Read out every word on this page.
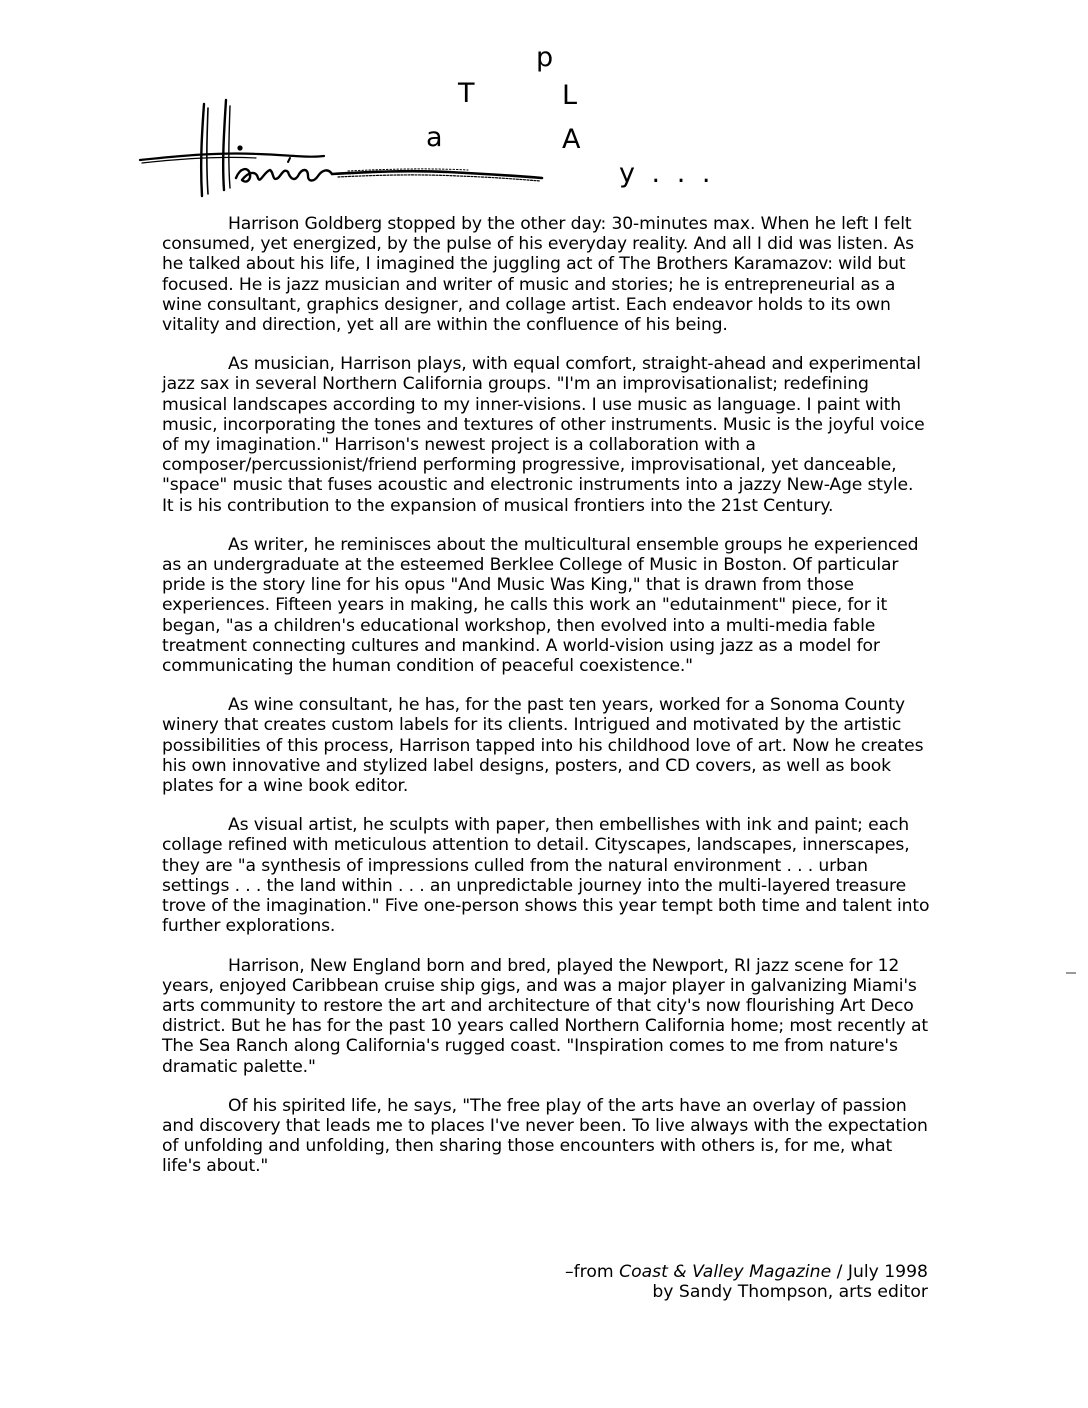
p
T	L
a	A
y . . .

Harrison Goldberg stopped by the other day: 30-minutes max. When he left I felt consumed, yet energized, by the pulse of his everyday reality. And all I did was listen. As he talked about his life, I imagined the juggling act of The Brothers Karamazov: wild but focused. He is jazz musician and writer of music and stories; he is entrepreneurial as a wine consultant, graphics designer, and collage artist. Each endeavor holds to its own vitality and direction, yet all are within the confluence of his being.

As musician, Harrison plays, with equal comfort, straight-ahead and experimental jazz sax in several Northern California groups. "I'm an improvisationalist; redefining musical landscapes according to my inner-visions. I use music as language. I paint with music, incorporating the tones and textures of other instruments. Music is the joyful voice of my imagination." Harrison's newest project is a collaboration with a composer/percussionist/friend performing progressive, improvisational, yet danceable, "space" music that fuses acoustic and electronic instruments into a jazzy New-Age style. It is his contribution to the expansion of musical frontiers into the 21st Century.

As writer, he reminisces about the multicultural ensemble groups he experienced as an undergraduate at the esteemed Berklee College of Music in Boston. Of particular pride is the story line for his opus "And Music Was King," that is drawn from those experiences. Fifteen years in making, he calls this work an "edutainment" piece, for it began, "as a children's educational workshop, then evolved into a multi-media fable treatment connecting cultures and mankind. A world-vision using jazz as a model for communicating the human condition of peaceful coexistence."

As wine consultant, he has, for the past ten years, worked for a Sonoma County winery that creates custom labels for its clients. Intrigued and motivated by the artistic possibilities of this process, Harrison tapped into his childhood love of art. Now he creates his own innovative and stylized label designs, posters, and CD covers, as well as book plates for a wine book editor.

As visual artist, he sculpts with paper, then embellishes with ink and paint; each collage refined with meticulous attention to detail. Cityscapes, landscapes, innerscapes, they are "a synthesis of impressions culled from the natural environment . . . urban settings . . . the land within . . . an unpredictable journey into the multi-layered treasure trove of the imagination." Five one-person shows this year tempt both time and talent into further explorations.

Harrison, New England born and bred, played the Newport, RI jazz scene for 12 years, enjoyed Caribbean cruise ship gigs, and was a major player in galvanizing Miami's arts community to restore the art and architecture of that city's now flourishing Art Deco district. But he has for the past 10 years called Northern California home; most recently at The Sea Ranch along California's rugged coast. "Inspiration comes to me from nature's dramatic palette."

Of his spirited life, he says, "The free play of the arts have an overlay of passion and discovery that leads me to places I've never been. To live always with the expectation of unfolding and unfolding, then sharing those encounters with others is, for me, what life's about."

–from Coast & Valley Magazine / July 1998
by Sandy Thompson, arts editor
